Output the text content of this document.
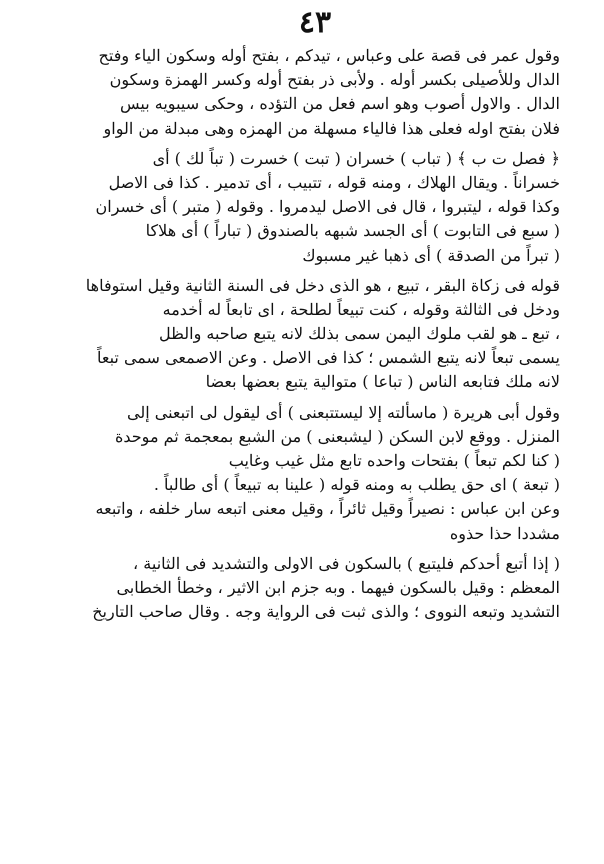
٤٣
وقول عمر فى قصة على وعباس ، تيدكم ، بفتح أوله وسكون الياء وفتح
الدال وللأصيلى بكسر أوله . ولأبى ذر بفتح أوله وكسر الهمزة وسكون
الدال . والاول أصوب وهو اسم فعل من التؤده ، وحكى سيبويه بيس
فلان بفتح اوله فعلى هذا فالياء مسهلة من الهمزه وهى مبدلة من الواو
﴿ فصل ت ب ﴾ ( تباب ) خسران ( تبت ) خسرت ( تباً لك ) أى
خسراناً . ويقال الهلاك ، ومنه قوله ، تتبيب ، أى تدمير . كذا فى الاصل
وكذا قوله ، ليتبروا ، قال فى الاصل ليدمروا . وقوله ( متبر ) أى خسران
( سبع فى التابوت ) أى الجسد شبهه بالصندوق ( تباراً ) أى هلاكا
( تبراً من الصدقة ) أى ذهبا غير مسبوك
قوله فى زكاة البقر ، تبيع ، هو الذى دخل فى السنة الثانية وقيل استوفاها
ودخل فى الثالثة وقوله ، كنت تبيعاً لطلحة ، اى تابعاً له أخدمه
، تبع ـ هو لقب ملوك اليمن سمى بذلك لانه يتبع صاحبه والظل
يسمى تبعاً لانه يتبع الشمس ؛ كذا فى الاصل . وعن الاصمعى سمى تبعاً
لانه ملك فتابعه الناس ( تباعا ) متوالية يتبع بعضها بعضا
وقول أبى هريرة ( ماسألته إلا ليستتبعنى ) أى ليقول لى اتبعنى إلى
المنزل . ووقع لابن السكن ( ليشبعنى ) من الشبع بمعجمة ثم موحدة
( كنا لكم تبعاً ) بفتحات واحده تابع مثل غيب وغايب
( تبعة ) اى حق يطلب به ومنه قوله ( علينا به تبيعاً ) أى طالباً .
وعن ابن عباس : نصيراً وقيل ثائراً ، وقيل معنى اتبعه سار خلفه ، واتبعه
مشددا حذا حذوه
( إذا أتبع أحدكم فليتبع ) بالسكون فى الاولى والتشديد فى الثانية ،
المعظم : وقيل بالسكون فيهما . وبه جزم ابن الاثير ، وخطأ الخطابى
التشديد وتبعه النووى ؛ والذى ثبت فى الرواية وجه . وقال صاحب التاريخ
